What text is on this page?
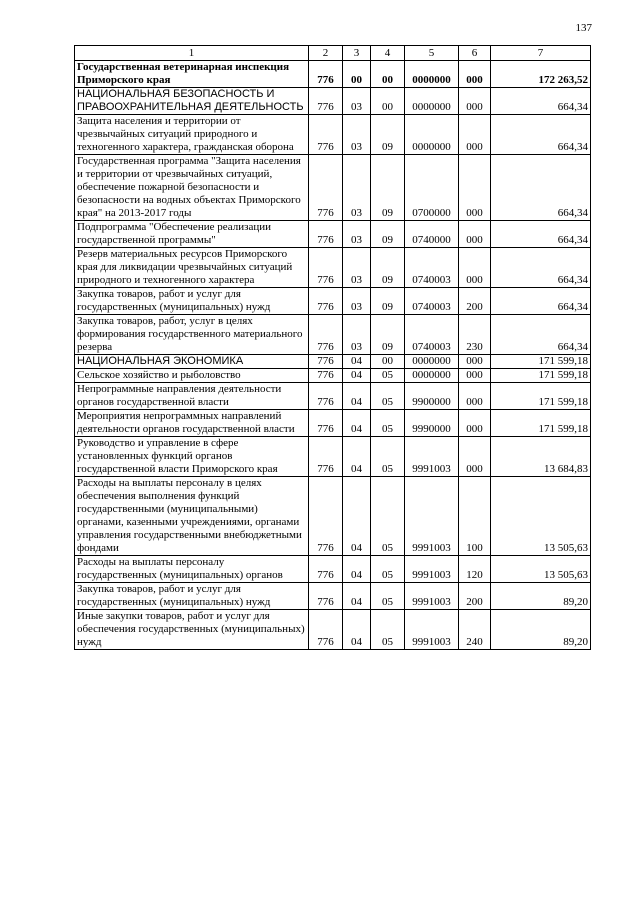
137
1	2	3	4	5	6	7
Государственная ветеринарная инспекция Приморского края	776	00	00	0000000	000	172 263,52
НАЦИОНАЛЬНАЯ БЕЗОПАСНОСТЬ И ПРАВООХРАНИТЕЛЬНАЯ ДЕЯТЕЛЬНОСТЬ	776	03	00	0000000	000	664,34
Защита населения и территории от чрезвычайных ситуаций природного и техногенного характера, гражданская оборона	776	03	09	0000000	000	664,34
Государственная программа "Защита населения и территории от чрезвычайных ситуаций, обеспечение пожарной безопасности и безопасности на водных объектах Приморского края" на 2013-2017 годы	776	03	09	0700000	000	664,34
Подпрограмма "Обеспечение реализации государственной программы"	776	03	09	0740000	000	664,34
Резерв материальных ресурсов Приморского края для ликвидации чрезвычайных ситуаций природного и техногенного характера	776	03	09	0740003	000	664,34
Закупка товаров, работ и услуг для государственных (муниципальных) нужд	776	03	09	0740003	200	664,34
Закупка товаров, работ, услуг в целях формирования государственного материального резерва	776	03	09	0740003	230	664,34
НАЦИОНАЛЬНАЯ ЭКОНОМИКА	776	04	00	0000000	000	171 599,18
Сельское хозяйство и рыболовство	776	04	05	0000000	000	171 599,18
Непрограммные направления деятельности органов государственной власти	776	04	05	9900000	000	171 599,18
Мероприятия непрограммных направлений деятельности органов государственной власти	776	04	05	9990000	000	171 599,18
Руководство и управление в сфере установленных функций органов государственной власти Приморского края	776	04	05	9991003	000	13 684,83
Расходы на выплаты персоналу в целях обеспечения выполнения функций государственными (муниципальными) органами, казенными учреждениями, органами управления государственными внебюджетными фондами	776	04	05	9991003	100	13 505,63
Расходы на выплаты персоналу государственных (муниципальных) органов	776	04	05	9991003	120	13 505,63
Закупка товаров, работ и услуг для государственных (муниципальных) нужд	776	04	05	9991003	200	89,20
Иные закупки товаров, работ и услуг для обеспечения государственных (муниципальных) нужд	776	04	05	9991003	240	89,20
